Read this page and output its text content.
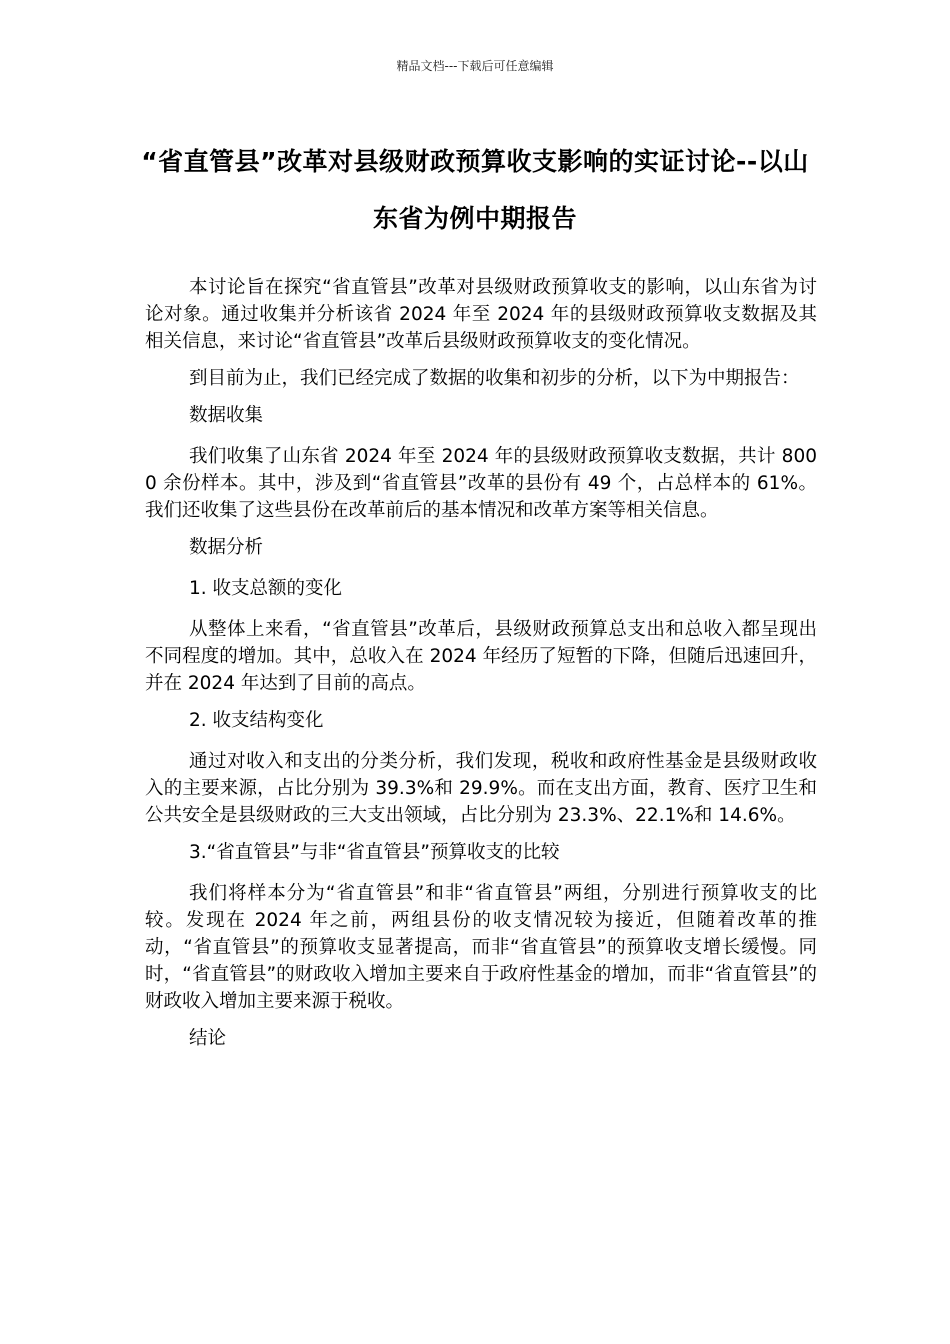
精品文档---下载后可任意编辑
“省直管县”改革对县级财政预算收支影响的实证讨论--以山东省为例中期报告

本讨论旨在探究“省直管县”改革对县级财政预算收支的影响，以山东省为讨论对象。通过收集并分析该省 2024 年至 2024 年的县级财政预算收支数据及其相关信息，来讨论“省直管县”改革后县级财政预算收支的变化情况。

到目前为止，我们已经完成了数据的收集和初步的分析，以下为中期报告：

数据收集

我们收集了山东省 2024 年至 2024 年的县级财政预算收支数据，共计 8000 余份样本。其中，涉及到“省直管县”改革的县份有 49 个，占总样本的 61%。我们还收集了这些县份在改革前后的基本情况和改革方案等相关信息。

数据分析

1. 收支总额的变化

从整体上来看，“省直管县”改革后，县级财政预算总支出和总收入都呈现出不同程度的增加。其中，总收入在 2024 年经历了短暂的下降，但随后迅速回升，并在 2024 年达到了目前的高点。

2. 收支结构变化

通过对收入和支出的分类分析，我们发现，税收和政府性基金是县级财政收入的主要来源，占比分别为 39.3%和 29.9%。而在支出方面，教育、医疗卫生和公共安全是县级财政的三大支出领域，占比分别为 23.3%、22.1%和 14.6%。

3.“省直管县”与非“省直管县”预算收支的比较

我们将样本分为“省直管县”和非“省直管县”两组，分别进行预算收支的比较。发现在 2024 年之前，两组县份的收支情况较为接近，但随着改革的推动，“省直管县”的预算收支显著提高，而非“省直管县”的预算收支增长缓慢。同时，“省直管县”的财政收入增加主要来自于政府性基金的增加，而非“省直管县”的财政收入增加主要来源于税收。

结论
